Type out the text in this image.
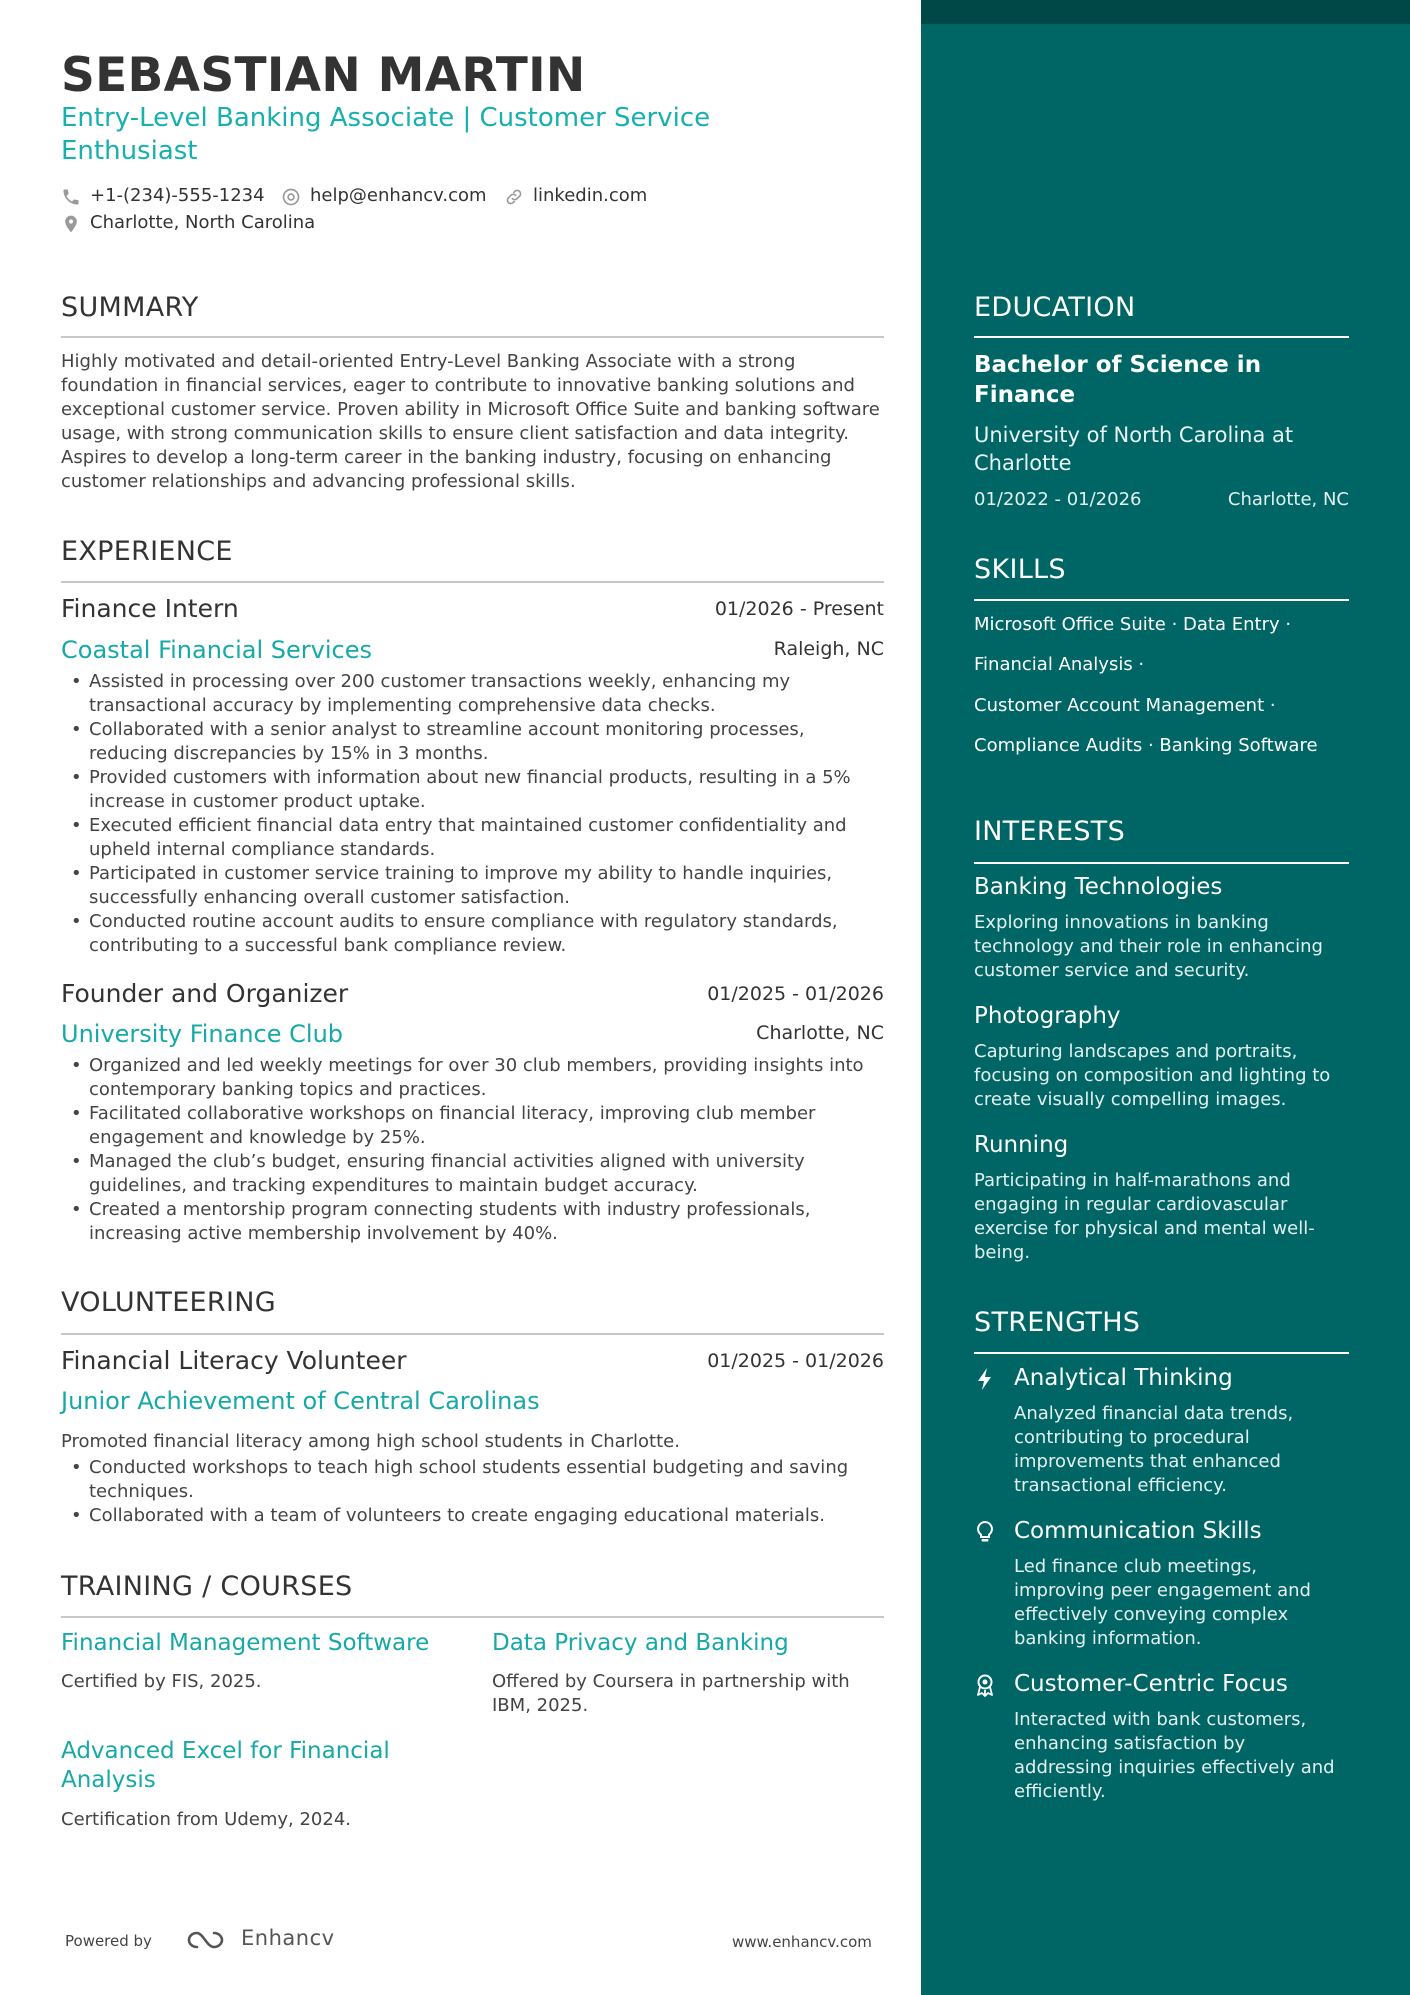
SEBASTIAN MARTIN
Entry-Level Banking Associate | Customer Service Enthusiast
+1-(234)-555-1234	help@enhancv.com	linkedin.com
Charlotte, North Carolina
SUMMARY
Highly motivated and detail-oriented Entry-Level Banking Associate with a strong foundation in financial services, eager to contribute to innovative banking solutions and exceptional customer service. Proven ability in Microsoft Office Suite and banking software usage, with strong communication skills to ensure client satisfaction and data integrity. Aspires to develop a long-term career in the banking industry, focusing on enhancing customer relationships and advancing professional skills.
EXPERIENCE
Finance Intern	01/2026 - Present
Coastal Financial Services	Raleigh, NC
• Assisted in processing over 200 customer transactions weekly, enhancing my transactional accuracy by implementing comprehensive data checks.
• Collaborated with a senior analyst to streamline account monitoring processes, reducing discrepancies by 15% in 3 months.
• Provided customers with information about new financial products, resulting in a 5% increase in customer product uptake.
• Executed efficient financial data entry that maintained customer confidentiality and upheld internal compliance standards.
• Participated in customer service training to improve my ability to handle inquiries, successfully enhancing overall customer satisfaction.
• Conducted routine account audits to ensure compliance with regulatory standards, contributing to a successful bank compliance review.
Founder and Organizer	01/2025 - 01/2026
University Finance Club	Charlotte, NC
• Organized and led weekly meetings for over 30 club members, providing insights into contemporary banking topics and practices.
• Facilitated collaborative workshops on financial literacy, improving club member engagement and knowledge by 25%.
• Managed the club’s budget, ensuring financial activities aligned with university guidelines, and tracking expenditures to maintain budget accuracy.
• Created a mentorship program connecting students with industry professionals, increasing active membership involvement by 40%.
VOLUNTEERING
Financial Literacy Volunteer	01/2025 - 01/2026
Junior Achievement of Central Carolinas
Promoted financial literacy among high school students in Charlotte.
• Conducted workshops to teach high school students essential budgeting and saving techniques.
• Collaborated with a team of volunteers to create engaging educational materials.
TRAINING / COURSES
Financial Management Software
Certified by FIS, 2025.
Data Privacy and Banking
Offered by Coursera in partnership with IBM, 2025.
Advanced Excel for Financial Analysis
Certification from Udemy, 2024.
Powered by	Enhancv	www.enhancv.com
EDUCATION
Bachelor of Science in Finance
University of North Carolina at Charlotte
01/2022 - 01/2026	Charlotte, NC
SKILLS
Microsoft Office Suite · Data Entry ·
Financial Analysis ·
Customer Account Management ·
Compliance Audits · Banking Software
INTERESTS
Banking Technologies
Exploring innovations in banking technology and their role in enhancing customer service and security.
Photography
Capturing landscapes and portraits, focusing on composition and lighting to create visually compelling images.
Running
Participating in half-marathons and engaging in regular cardiovascular exercise for physical and mental well-being.
STRENGTHS
Analytical Thinking
Analyzed financial data trends, contributing to procedural improvements that enhanced transactional efficiency.
Communication Skills
Led finance club meetings, improving peer engagement and effectively conveying complex banking information.
Customer-Centric Focus
Interacted with bank customers, enhancing satisfaction by addressing inquiries effectively and efficiently.
